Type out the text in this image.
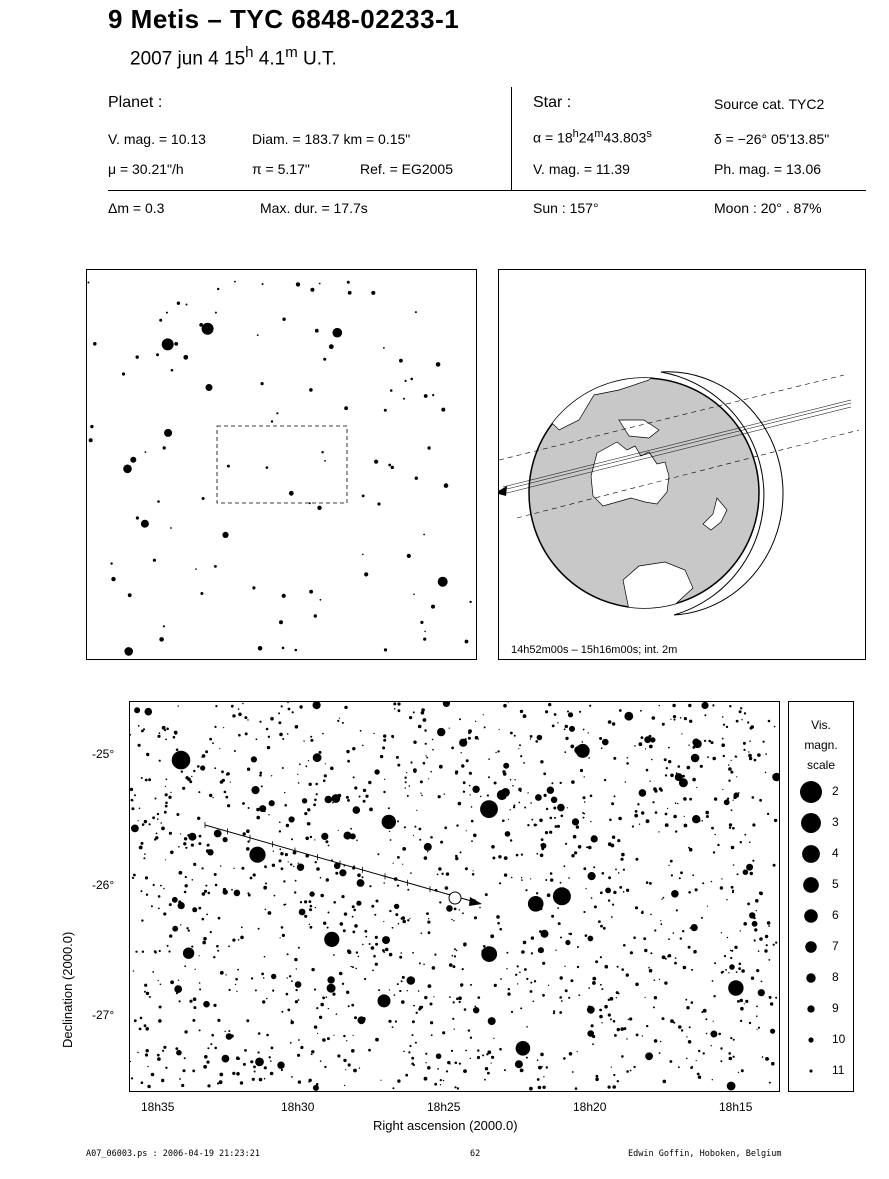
9 Metis – TYC 6848-02233-1
2007 jun 4 15$^h$ 4.1$^m$ U.T.
Planet :
V. mag. = 10.13	Diam. = 183.7 km = 0.15"
μ = 30.21"/h	π = 5.17"	Ref. = EG2005
Δm = 0.3	Max. dur. = 17.7s
Star :	Source cat. TYC2
$\alpha = 18^h24^m43.803^s$	δ = −26° 05'13.85"
V. mag. = 11.39	Ph. mag. = 13.06
Sun : 157°	Moon : 20° . 87%
14h52m00s – 15h16m00s; int. 2m
-25°
-26°
-27°
18h35	18h30	18h25	18h20	18h15
Right ascension (2000.0)
Declination (2000.0)
Vis.
magn.
scale
2
3
4
5
6
7
8
9
10
11
A07_06003.ps : 2006-04-19 21:23:21	62	Edwin Goffin, Hoboken, Belgium
